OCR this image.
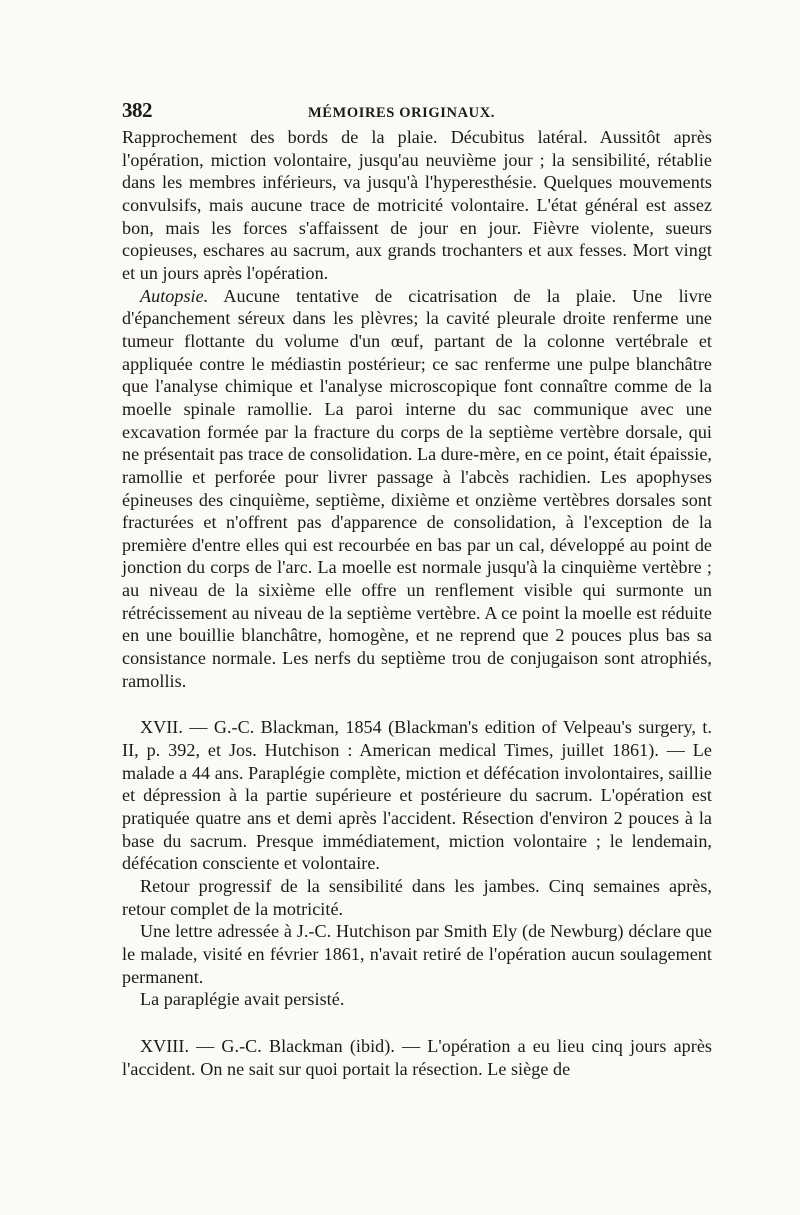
382	MÉMOIRES ORIGINAUX.

Rapprochement des bords de la plaie. Décubitus latéral. Aussitôt après l'opération, miction volontaire, jusqu'au neuvième jour ; la sensibilité, rétablie dans les membres inférieurs, va jusqu'à l'hyperesthésie. Quelques mouvements convulsifs, mais aucune trace de motricité volontaire. L'état général est assez bon, mais les forces s'affaissent de jour en jour. Fièvre violente, sueurs copieuses, eschares au sacrum, aux grands trochanters et aux fesses. Mort vingt et un jours après l'opération.

Autopsie. Aucune tentative de cicatrisation de la plaie. Une livre d'épanchement séreux dans les plèvres; la cavité pleurale droite renferme une tumeur flottante du volume d'un œuf, partant de la colonne vertébrale et appliquée contre le médiastin postérieur; ce sac renferme une pulpe blanchâtre que l'analyse chimique et l'analyse microscopique font connaître comme de la moelle spinale ramollie. La paroi interne du sac communique avec une excavation formée par la fracture du corps de la septième vertèbre dorsale, qui ne présentait pas trace de consolidation. La dure-mère, en ce point, était épaissie, ramollie et perforée pour livrer passage à l'abcès rachidien. Les apophyses épineuses des cinquième, septième, dixième et onzième vertèbres dorsales sont fracturées et n'offrent pas d'apparence de consolidation, à l'exception de la première d'entre elles qui est recourbée en bas par un cal, développé au point de jonction du corps de l'arc. La moelle est normale jusqu'à la cinquième vertèbre ; au niveau de la sixième elle offre un renflement visible qui surmonte un rétrécissement au niveau de la septième vertèbre. A ce point la moelle est réduite en une bouillie blanchâtre, homogène, et ne reprend que 2 pouces plus bas sa consistance normale. Les nerfs du septième trou de conjugaison sont atrophiés, ramollis.

XVII. — G.-C. Blackman, 1854 (Blackman's edition of Velpeau's surgery, t. II, p. 392, et Jos. Hutchison : American medical Times, juillet 1861). — Le malade a 44 ans. Paraplégie complète, miction et défécation involontaires, saillie et dépression à la partie supérieure et postérieure du sacrum. L'opération est pratiquée quatre ans et demi après l'accident. Résection d'environ 2 pouces à la base du sacrum. Presque immédiatement, miction volontaire ; le lendemain, défécation consciente et volontaire.

Retour progressif de la sensibilité dans les jambes. Cinq semaines après, retour complet de la motricité.

Une lettre adressée à J.-C. Hutchison par Smith Ely (de Newburg) déclare que le malade, visité en février 1861, n'avait retiré de l'opération aucun soulagement permanent.

La paraplégie avait persisté.

XVIII. — G.-C. Blackman (ibid). — L'opération a eu lieu cinq jours après l'accident. On ne sait sur quoi portait la résection. Le siège de
